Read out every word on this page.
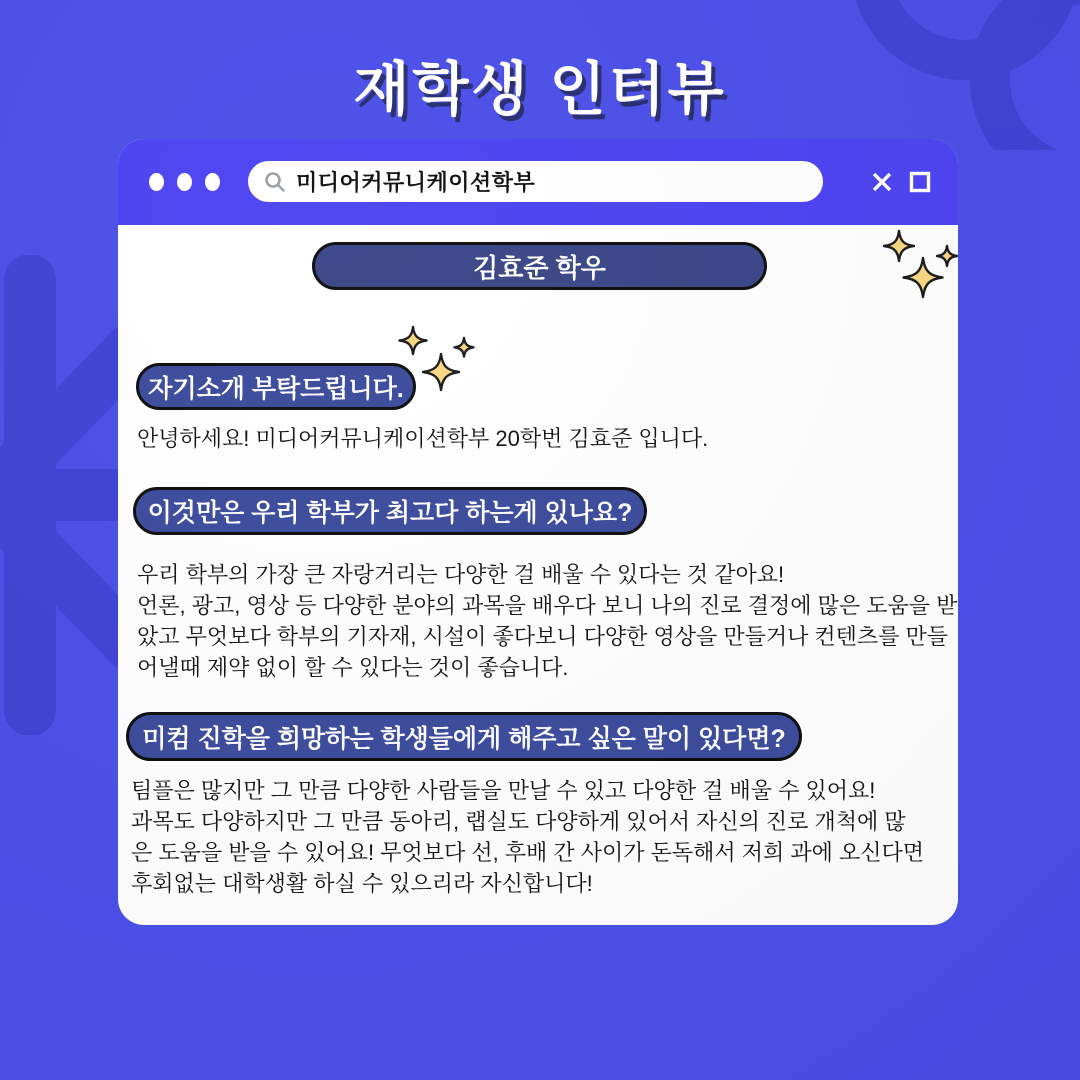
재학생 인터뷰
미디어커뮤니케이션학부
김효준 학우
자기소개 부탁드립니다.
안녕하세요! 미디어커뮤니케이션학부 20학번 김효준 입니다.
이것만은 우리 학부가 최고다 하는게 있나요?
우리 학부의 가장 큰 자랑거리는 다양한 걸 배울 수 있다는 것 같아요!
언론, 광고, 영상 등 다양한 분야의 과목을 배우다 보니 나의 진로 결정에 많은 도움을 받
았고 무엇보다 학부의 기자재, 시설이 좋다보니 다양한 영상을 만들거나 컨텐츠를 만들
어낼때 제약 없이 할 수 있다는 것이 좋습니다.
미컴 진학을 희망하는 학생들에게 해주고 싶은 말이 있다면?
팀플은 많지만 그 만큼 다양한 사람들을 만날 수 있고 다양한 걸 배울 수 있어요!
과목도 다양하지만 그 만큼 동아리, 랩실도 다양하게 있어서 자신의 진로 개척에 많
은 도움을 받을 수 있어요! 무엇보다 선, 후배 간 사이가 돈독해서 저희 과에 오신다면
후회없는 대학생활 하실 수 있으리라 자신합니다!
